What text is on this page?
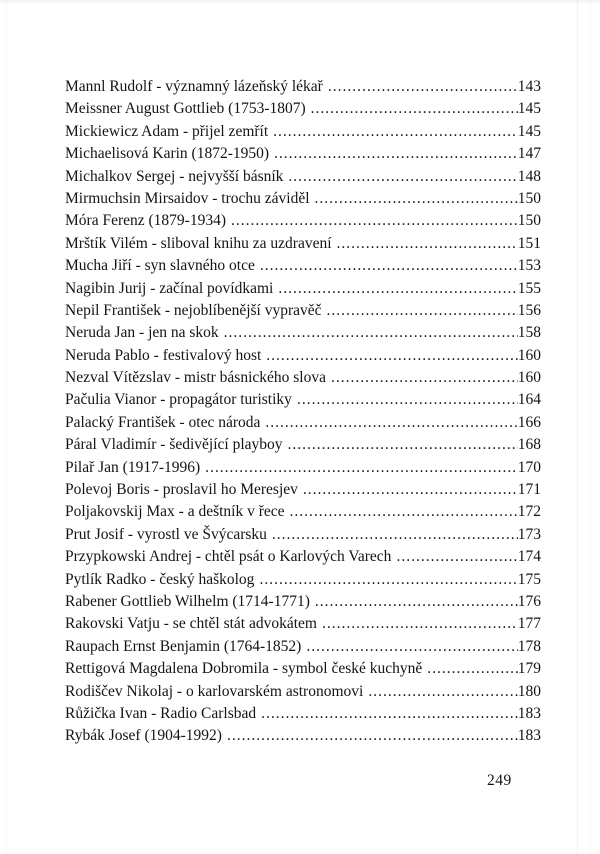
Mannl Rudolf - významný lázeňský lékař .....	143
Meissner August Gottlieb (1753-1807) .....	145
Mickiewicz Adam - přijel zemřít .....	145
Michaelisová Karin (1872-1950) .....	147
Michalkov Sergej - nejvyšší básník .....	148
Mirmuchsin Mirsaidov - trochu záviděl .....	150
Móra Ferenz (1879-1934) .....	150
Mrštík Vilém - sliboval knihu za uzdravení .....	151
Mucha Jiří - syn slavného otce .....	153
Nagibin Jurij - začínal povídkami .....	155
Nepil František - nejoblíbenější vypravěč .....	156
Neruda Jan - jen na skok .....	158
Neruda Pablo - festivalový host .....	160
Nezval Vítězslav - mistr básnického slova .....	160
Pačulia Vianor - propagátor turistiky .....	164
Palacký František - otec národa .....	166
Páral Vladimír - šedivějící playboy .....	168
Pilař Jan (1917-1996) .....	170
Polevoj Boris - proslavil ho Meresjev .....	171
Poljakovskij Max - a deštník v řece .....	172
Prut Josif - vyrostl ve Švýcarsku .....	173
Przypkowski Andrej - chtěl psát o Karlových Varech .....	174
Pytlík Radko - český haškolog .....	175
Rabener Gottlieb Wilhelm (1714-1771) .....	176
Rakovski Vatju - se chtěl stát advokátem .....	177
Raupach Ernst Benjamin (1764-1852) .....	178
Rettigová Magdalena Dobromila - symbol české kuchyně .....	179
Rodiščev Nikolaj - o karlovarském astronomovi .....	180
Růžička Ivan - Radio Carlsbad .....	183
Rybák Josef (1904-1992) .....	183
249
